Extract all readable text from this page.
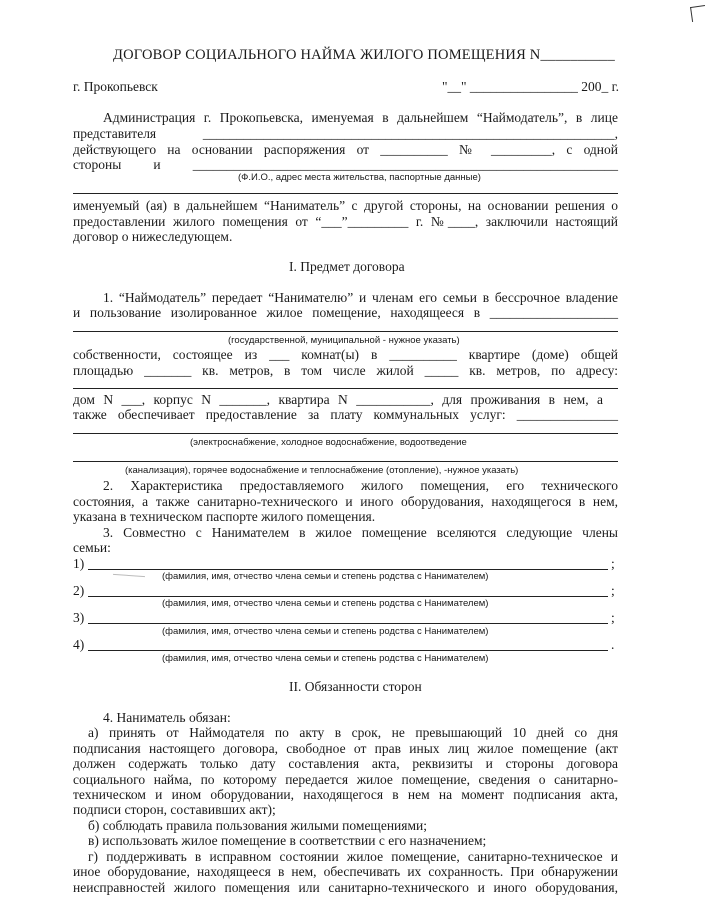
ДОГОВОР СОЦИАЛЬНОГО НАЙМА ЖИЛОГО ПОМЕЩЕНИЯ N__________
г. Прокопьевск	"__" ________________ 200_ г.
Администрация г. Прокопьевска, именуемая в дальнейшем “Наймодатель”, в лице
представителя _____________________________________________________________,
действующего на основании распоряжения от __________ № _________, с одной
стороны и _______________________________________________________________
(Ф.И.О., адрес места жительства, паспортные данные)
именуемый (ая) в дальнейшем “Наниматель” с другой стороны, на основании решения о
предоставлении жилого помещения от “___”_________ г. №____, заключили настоящий
договор о нижеследующем.
I. Предмет договора
1. “Наймодатель” передает “Нанимателю” и членам его семьи в бессрочное владение
и пользование изолированное жилое помещение, находящееся в ___________________
(государственной, муниципальной - нужное указать)
собственности, состоящее из ___ комнат(ы) в __________ квартире (доме) общей
площадью _______ кв. метров, в том числе жилой _____ кв. метров, по адресу:
дом N ___, корпус N _______, квартира N ___________, для проживания в нем, а
также обеспечивает предоставление за плату коммунальных услуг: _______________
(электроснабжение, холодное водоснабжение, водоотведение
(канализация), горячее водоснабжение и теплоснабжение (отопление), -нужное указать)
2. Характеристика предоставляемого жилого помещения, его технического
состояния, а также санитарно-технического и иного оборудования, находящегося в нем,
указана в техническом паспорте жилого помещения.
3. Совместно с Нанимателем в жилое помещение вселяются следующие члены
семьи:
1)	;
(фамилия, имя, отчество члена семьи и степень родства с Нанимателем)
2)	;
(фамилия, имя, отчество члена семьи и степень родства с Нанимателем)
3)	;
(фамилия, имя, отчество члена семьи и степень родства с Нанимателем)
4)	.
(фамилия, имя, отчество члена семьи и степень родства с Нанимателем)
II. Обязанности сторон
4. Наниматель обязан:
а) принять от Наймодателя по акту в срок, не превышающий 10 дней со дня
подписания настоящего договора, свободное от прав иных лиц жилое помещение (акт
должен содержать только дату составления акта, реквизиты и стороны договора
социального найма, по которому передается жилое помещение, сведения о санитарно-
техническом и ином оборудовании, находящегося в нем на момент подписания акта,
подписи сторон, составивших акт);
б) соблюдать правила пользования жилыми помещениями;
в) использовать жилое помещение в соответствии с его назначением;
г) поддерживать в исправном состоянии жилое помещение, санитарно-техническое и
иное оборудование, находящееся в нем, обеспечивать их сохранность. При обнаружении
неисправностей жилого помещения или санитарно-технического и иного оборудования,
